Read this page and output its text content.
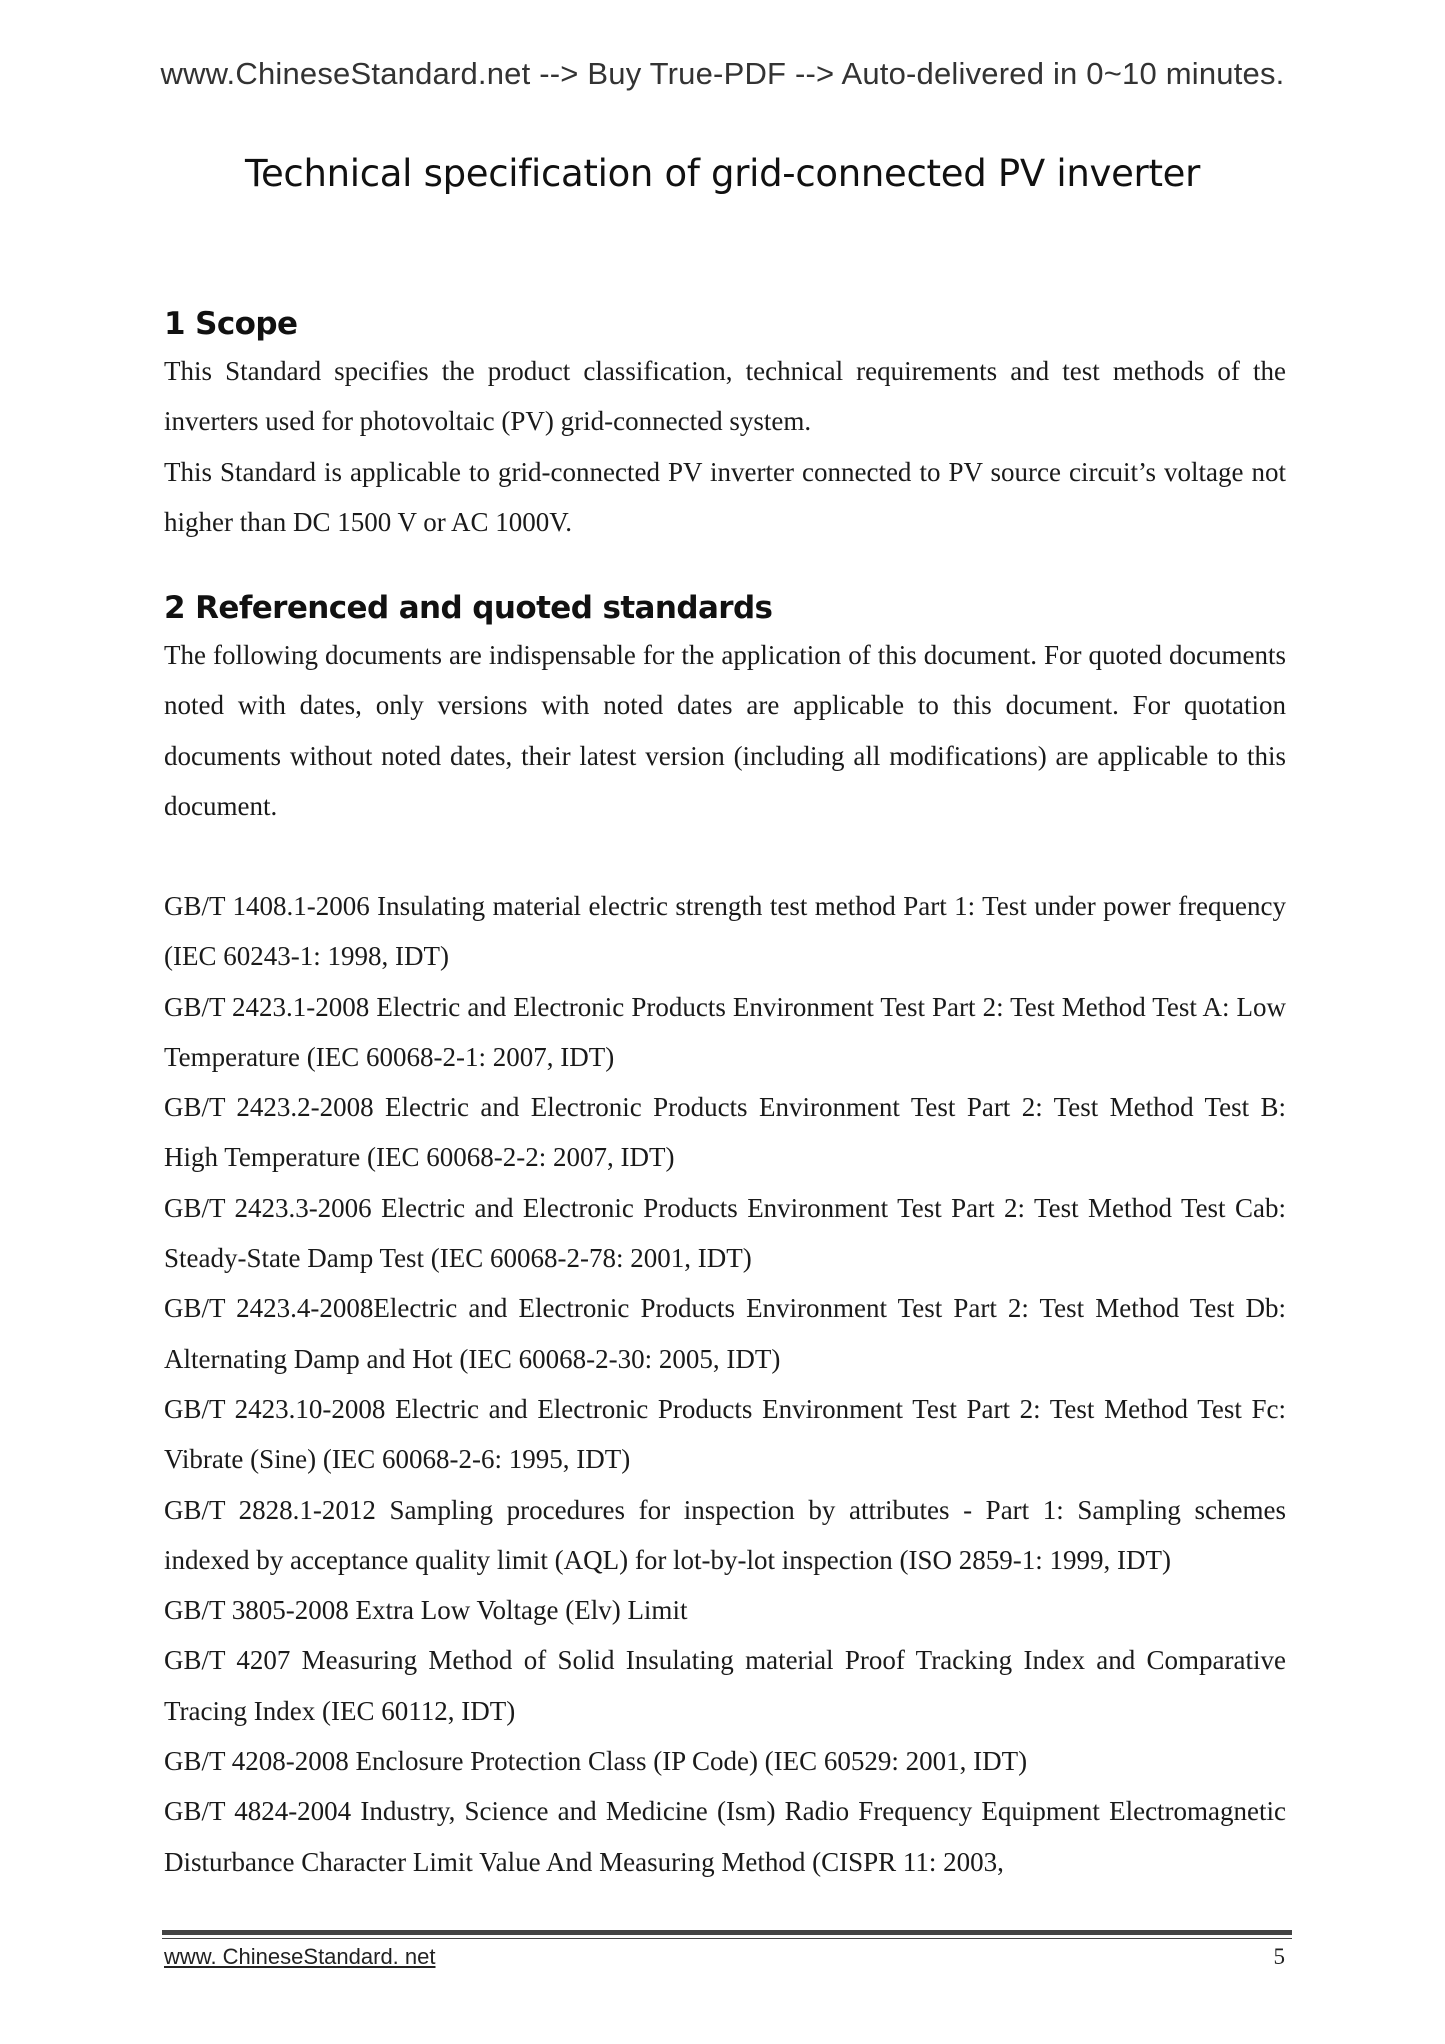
www.ChineseStandard.net --> Buy True-PDF --> Auto-delivered in 0~10 minutes.
Technical specification of grid-connected PV inverter
1 Scope

This Standard specifies the product classification, technical requirements and test methods of the inverters used for photovoltaic (PV) grid-connected system.

This Standard is applicable to grid-connected PV inverter connected to PV source circuit’s voltage not higher than DC 1500 V or AC 1000V.

2 Referenced and quoted standards

The following documents are indispensable for the application of this document. For quoted documents noted with dates, only versions with noted dates are applicable to this document. For quotation documents without noted dates, their latest version (including all modifications) are applicable to this document.

GB/T 1408.1-2006 Insulating material electric strength test method Part 1: Test under power frequency (IEC 60243-1: 1998, IDT)

GB/T 2423.1-2008 Electric and Electronic Products Environment Test Part 2: Test Method Test A: Low Temperature (IEC 60068-2-1: 2007, IDT)

GB/T 2423.2-2008 Electric and Electronic Products Environment Test Part 2: Test Method Test B: High Temperature (IEC 60068-2-2: 2007, IDT)

GB/T 2423.3-2006 Electric and Electronic Products Environment Test Part 2: Test Method Test Cab: Steady-State Damp Test (IEC 60068-2-78: 2001, IDT)

GB/T 2423.4-2008Electric and Electronic Products Environment Test Part 2: Test Method Test Db: Alternating Damp and Hot (IEC 60068-2-30: 2005, IDT)

GB/T 2423.10-2008 Electric and Electronic Products Environment Test Part 2: Test Method Test Fc: Vibrate (Sine) (IEC 60068-2-6: 1995, IDT)

GB/T 2828.1-2012 Sampling procedures for inspection by attributes - Part 1: Sampling schemes indexed by acceptance quality limit (AQL) for lot-by-lot inspection (ISO 2859-1: 1999, IDT)

GB/T 3805-2008 Extra Low Voltage (Elv) Limit

GB/T 4207 Measuring Method of Solid Insulating material Proof Tracking Index and Comparative Tracing Index (IEC 60112, IDT)

GB/T 4208-2008 Enclosure Protection Class (IP Code) (IEC 60529: 2001, IDT)

GB/T 4824-2004 Industry, Science and Medicine (Ism) Radio Frequency Equipment Electromagnetic Disturbance Character Limit Value And Measuring Method (CISPR 11: 2003,

www. ChineseStandard. net	5
